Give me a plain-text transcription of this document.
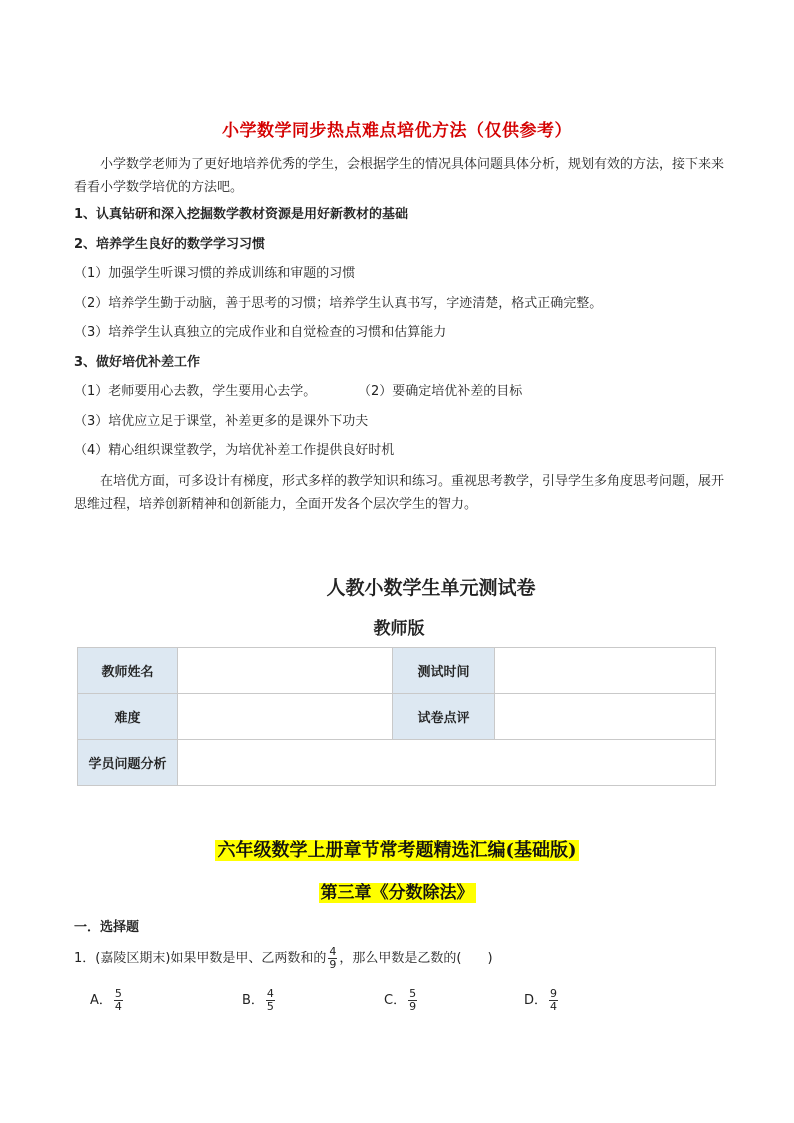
小学数学同步热点难点培优方法（仅供参考）
小学数学老师为了更好地培养优秀的学生，会根据学生的情况具体问题具体分析，规划有效的方法，接下来来看看小学数学培优的方法吧。
1、认真钻研和深入挖掘数学教材资源是用好新教材的基础
2、培养学生良好的数学学习习惯
（1）加强学生听课习惯的养成训练和审题的习惯
（2）培养学生勤于动脑，善于思考的习惯；培养学生认真书写，字迹清楚，格式正确完整。
（3）培养学生认真独立的完成作业和自觉检查的习惯和估算能力
3、做好培优补差工作
（1）老师要用心去教，学生要用心去学。	（2）要确定培优补差的目标
（3）培优应立足于课堂，补差更多的是课外下功夫
（4）精心组织课堂教学，为培优补差工作提供良好时机
在培优方面，可多设计有梯度，形式多样的教学知识和练习。重视思考教学，引导学生多角度思考问题，展开思维过程，培养创新精神和创新能力，全面开发各个层次学生的智力。
人教小数学生单元测试卷
教师版
教师姓名		测试时间	
难度		试卷点评	
学员问题分析			
六年级数学上册章节常考题精选汇编(基础版)
第三章《分数除法》
一．选择题
1．(嘉陵区期末)如果甲数是甲、乙两数和的 $\frac{4}{9}$ ，那么甲数是乙数的(　　)
A． $\frac{5}{4}$	B． $\frac{4}{5}$	C． $\frac{5}{9}$	D． $\frac{9}{4}$
